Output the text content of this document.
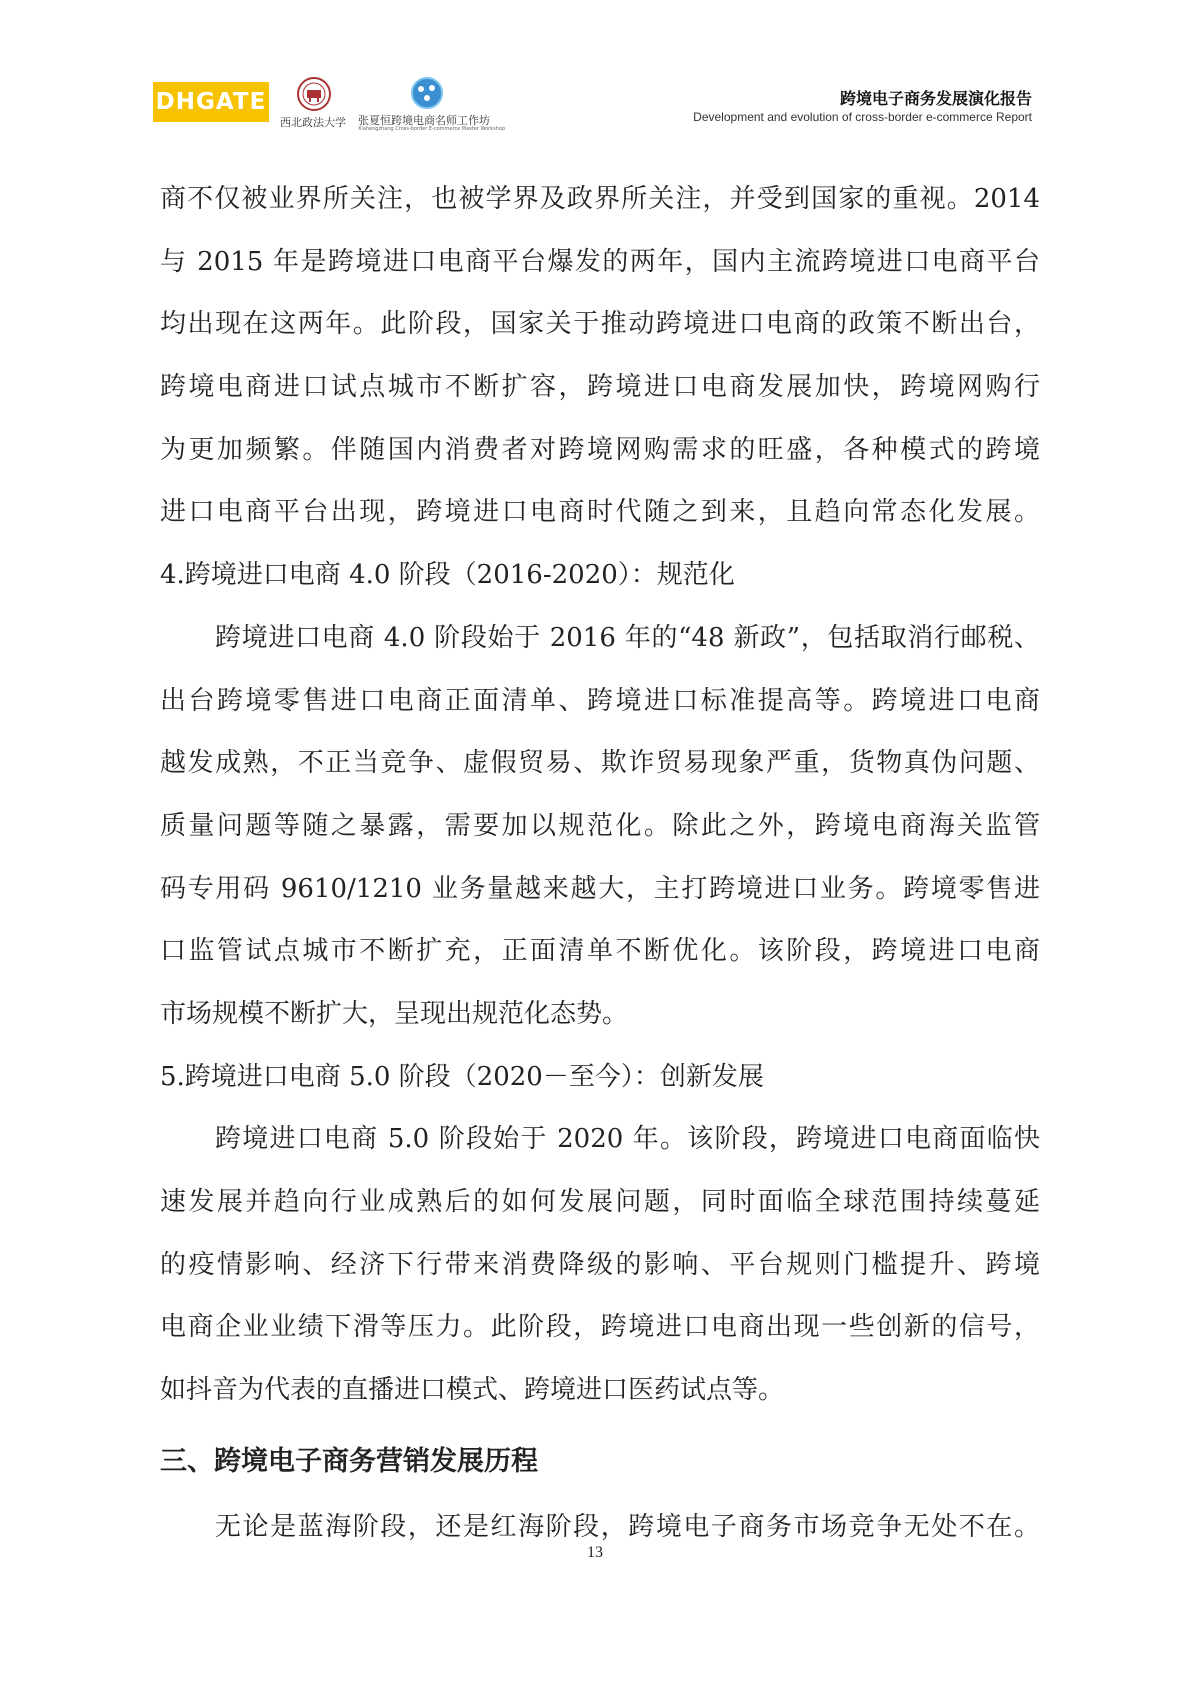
DHGATE
西北政法大学	张夏恒跨境电商名师工作坊
Xiahengzhang Cross-border E-commerce Master Workshop
跨境电子商务发展演化报告
Development and evolution of cross-border e-commerce Report
商不仅被业界所关注，也被学界及政界所关注，并受到国家的重视。2014
与 2015 年是跨境进口电商平台爆发的两年，国内主流跨境进口电商平台
均出现在这两年。此阶段，国家关于推动跨境进口电商的政策不断出台，
跨境电商进口试点城市不断扩容，跨境进口电商发展加快，跨境网购行
为更加频繁。伴随国内消费者对跨境网购需求的旺盛，各种模式的跨境
进口电商平台出现，跨境进口电商时代随之到来，且趋向常态化发展。
4.跨境进口电商 4.0 阶段（2016-2020）：规范化
跨境进口电商 4.0 阶段始于 2016 年的“48 新政”，包括取消行邮税、
出台跨境零售进口电商正面清单、跨境进口标准提高等。跨境进口电商
越发成熟，不正当竞争、虚假贸易、欺诈贸易现象严重，货物真伪问题、
质量问题等随之暴露，需要加以规范化。除此之外，跨境电商海关监管
码专用码 9610/1210 业务量越来越大，主打跨境进口业务。跨境零售进
口监管试点城市不断扩充，正面清单不断优化。该阶段，跨境进口电商
市场规模不断扩大，呈现出规范化态势。
5.跨境进口电商 5.0 阶段（2020－至今）：创新发展
跨境进口电商 5.0 阶段始于 2020 年。该阶段，跨境进口电商面临快
速发展并趋向行业成熟后的如何发展问题，同时面临全球范围持续蔓延
的疫情影响、经济下行带来消费降级的影响、平台规则门槛提升、跨境
电商企业业绩下滑等压力。此阶段，跨境进口电商出现一些创新的信号，
如抖音为代表的直播进口模式、跨境进口医药试点等。
三、跨境电子商务营销发展历程
无论是蓝海阶段，还是红海阶段，跨境电子商务市场竞争无处不在。
13
